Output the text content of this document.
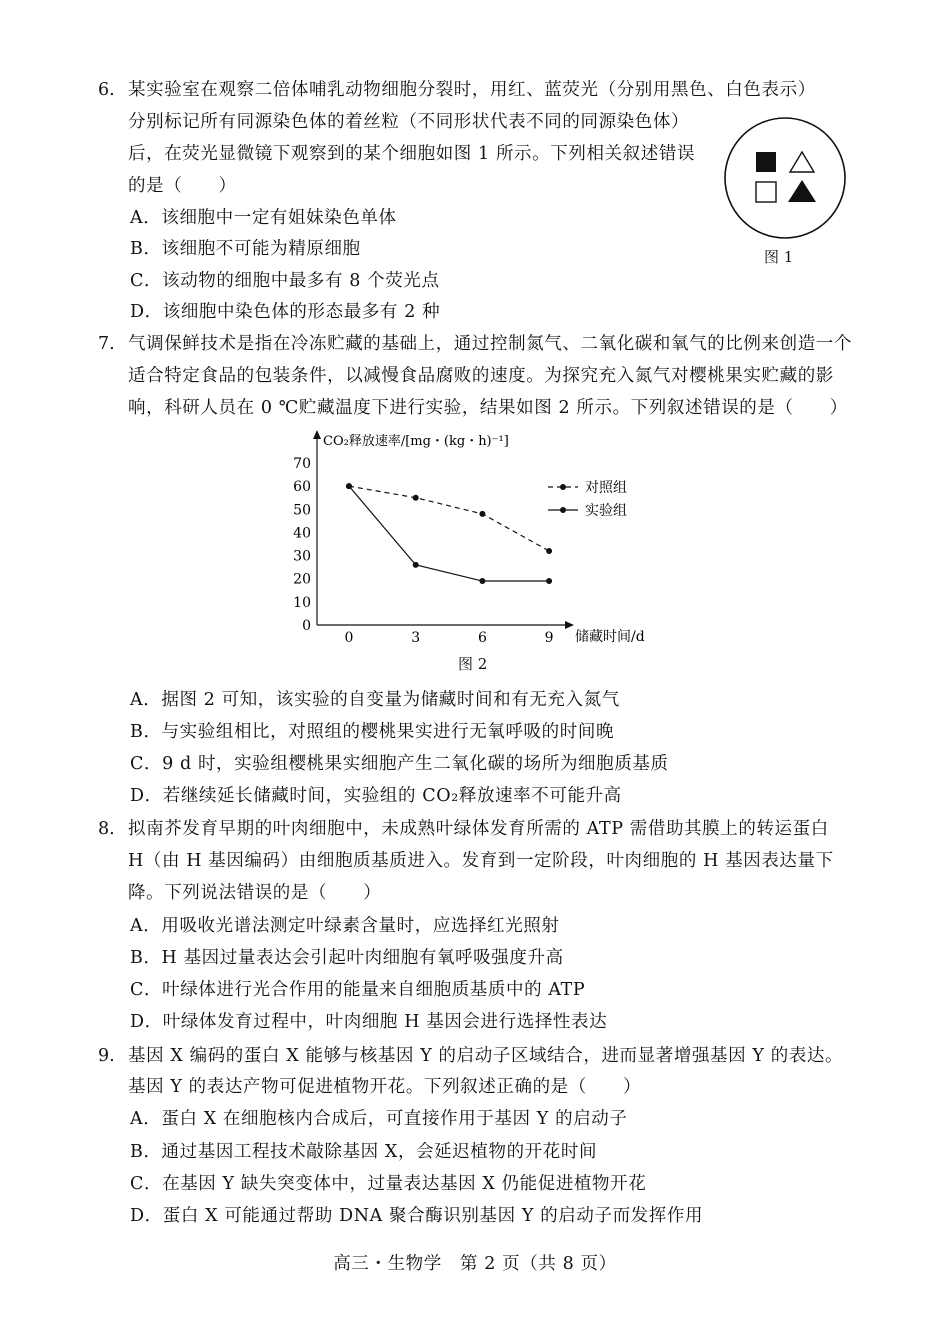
6. 某实验室在观察二倍体哺乳动物细胞分裂时，用红、蓝荧光（分别用黑色、白色表示）
分别标记所有同源染色体的着丝粒（不同形状代表不同的同源染色体）
后，在荧光显微镜下观察到的某个细胞如图 1 所示。下列相关叙述错误
的是（　　）
A．该细胞中一定有姐妹染色单体
B．该细胞不可能为精原细胞
C．该动物的细胞中最多有 8 个荧光点
D．该细胞中染色体的形态最多有 2 种
图 1
7. 气调保鲜技术是指在冷冻贮藏的基础上，通过控制氮气、二氧化碳和氧气的比例来创造一个
适合特定食品的包装条件，以减慢食品腐败的速度。为探究充入氮气对樱桃果实贮藏的影
响，科研人员在 0 ℃贮藏温度下进行实验，结果如图 2 所示。下列叙述错误的是（　　）
CO₂释放速率/[mg・(kg・h)⁻¹]
储藏时间/d
0
10
20
30
40
50
60
70
0	3	6	9
对照组
实验组
图 2
A．据图 2 可知，该实验的自变量为储藏时间和有无充入氮气
B．与实验组相比，对照组的樱桃果实进行无氧呼吸的时间晚
C．9 d 时，实验组樱桃果实细胞产生二氧化碳的场所为细胞质基质
D．若继续延长储藏时间，实验组的 CO₂释放速率不可能升高
8. 拟南芥发育早期的叶肉细胞中，未成熟叶绿体发育所需的 ATP 需借助其膜上的转运蛋白
H（由 H 基因编码）由细胞质基质进入。发育到一定阶段，叶肉细胞的 H 基因表达量下
降。下列说法错误的是（　　）
A．用吸收光谱法测定叶绿素含量时，应选择红光照射
B．H 基因过量表达会引起叶肉细胞有氧呼吸强度升高
C．叶绿体进行光合作用的能量来自细胞质基质中的 ATP
D．叶绿体发育过程中，叶肉细胞 H 基因会进行选择性表达
9. 基因 X 编码的蛋白 X 能够与核基因 Y 的启动子区域结合，进而显著增强基因 Y 的表达。
基因 Y 的表达产物可促进植物开花。下列叙述正确的是（　　）
A．蛋白 X 在细胞核内合成后，可直接作用于基因 Y 的启动子
B．通过基因工程技术敲除基因 X，会延迟植物的开花时间
C．在基因 Y 缺失突变体中，过量表达基因 X 仍能促进植物开花
D．蛋白 X 可能通过帮助 DNA 聚合酶识别基因 Y 的启动子而发挥作用
高三・生物学　第 2 页（共 8 页）
